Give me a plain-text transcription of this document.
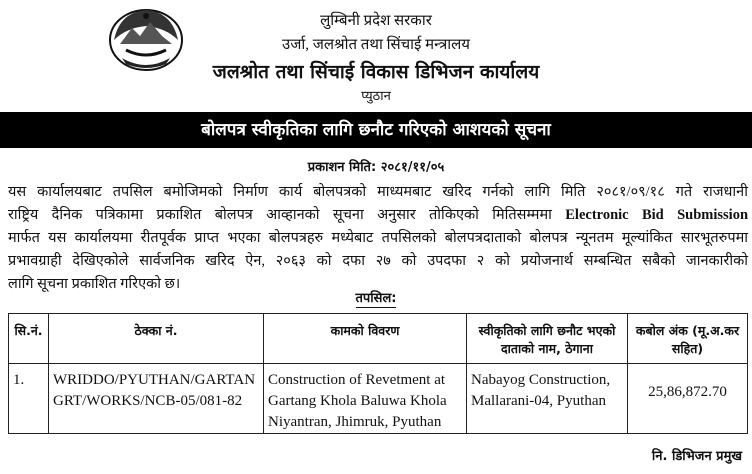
लुम्बिनी प्रदेश सरकार
उर्जा, जलश्रोत तथा सिंचाई मन्त्रालय
जलश्रोत तथा सिंचाई विकास डिभिजन कार्यालय
प्युठान
बोलपत्र स्वीकृतिका लागि छनौट गरिएको आशयको सूचना
प्रकाशन मिति: २०८१/११/०५
यस कार्यालयबाट तपसिल बमोजिमको निर्माण कार्य बोलपत्रको माध्यमबाट खरिद गर्नको लागि मिति २०८१/०९/१८ गते राजधानी
राष्ट्रिय दैनिक पत्रिकामा प्रकाशित बोलपत्र आव्हानको सूचना अनुसार तोकिएको मितिसम्ममा Electronic Bid Submission
मार्फत यस कार्यालयमा रीतपूर्वक प्राप्त भएका बोलपत्रहरु मध्येबाट तपसिलको बोलपत्रदाताको बोलपत्र न्यूनतम मूल्यांकित सारभूतरुपमा
प्रभावग्राही देखिएकोले सार्वजनिक खरिद ऐन, २०६३ को दफा २७ को उपदफा २ को प्रयोजनार्थ सम्बन्धित सबैको जानकारीको
लागि सूचना प्रकाशित गरिएको छ।
तपसिल:
सि.नं.	ठेक्का नं.	कामको विवरण	स्वीकृतिको लागि छनौट भएको दाताको नाम, ठेगाना	कबोल अंक (मू.अ.कर सहित)
1.	WRIDDO/PYUTHAN/GARTANGRT/WORKS/NCB-05/081-82	Construction of Revetment at Gartang Khola Baluwa Khola Niyantran, Jhimruk, Pyuthan	Nabayog Construction, Mallarani-04, Pyuthan	25,86,872.70
नि. डिभिजन प्रमुख
